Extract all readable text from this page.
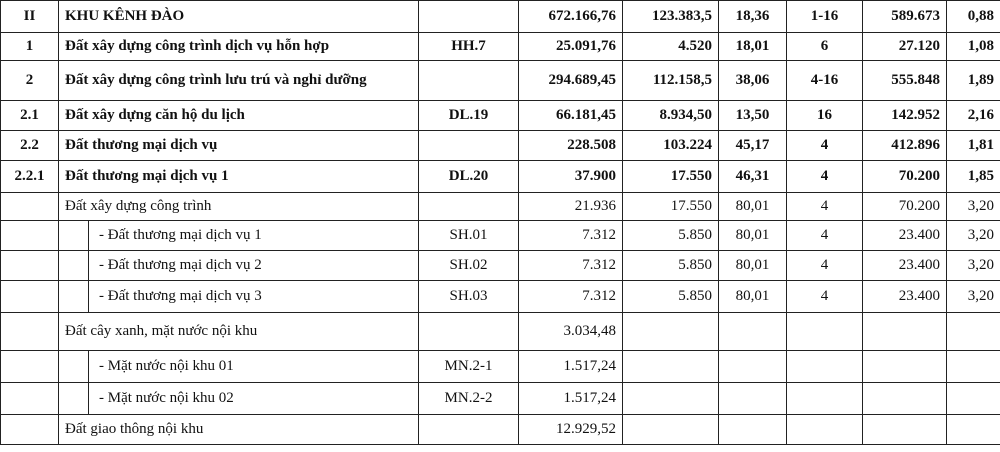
II	KHU KÊNH ĐÀO			672.166,76	123.383,5	18,36	1-16	589.673	0,88
1	Đất xây dựng công trình dịch vụ hỗn hợp		HH.7	25.091,76	4.520	18,01	6	27.120	1,08
2	Đất xây dựng công trình lưu trú và nghỉ dưỡng			294.689,45	112.158,5	38,06	4-16	555.848	1,89
2.1	Đất xây dựng căn hộ du lịch		DL.19	66.181,45	8.934,50	13,50	16	142.952	2,16
2.2	Đất thương mại dịch vụ			228.508	103.224	45,17	4	412.896	1,81
2.2.1	Đất thương mại dịch vụ 1		DL.20	37.900	17.550	46,31	4	70.200	1,85
	Đất xây dựng công trình			21.936	17.550	80,01	4	70.200	3,20
		- Đất thương mại dịch vụ 1	SH.01	7.312	5.850	80,01	4	23.400	3,20
		- Đất thương mại dịch vụ 2	SH.02	7.312	5.850	80,01	4	23.400	3,20
		- Đất thương mại dịch vụ 3	SH.03	7.312	5.850	80,01	4	23.400	3,20
	Đất cây xanh, mặt nước nội khu			3.034,48					
		- Mặt nước nội khu 01	MN.2-1	1.517,24					
		- Mặt nước nội khu 02	MN.2-2	1.517,24					
	Đất giao thông nội khu			12.929,52					
